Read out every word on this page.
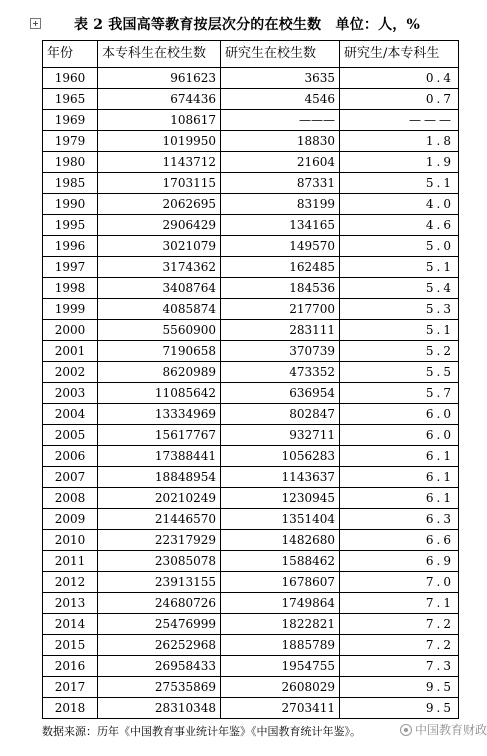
表 2 我国高等教育按层次分的在校生数　单位：人，%
年份	本专科生在校生数	研究生在校生数	研究生/本专科生
1960	961623	3635	0.4
1965	674436	4546	0.7
1969	108617	———	———
1979	1019950	18830	1.8
1980	1143712	21604	1.9
1985	1703115	87331	5.1
1990	2062695	83199	4.0
1995	2906429	134165	4.6
1996	3021079	149570	5.0
1997	3174362	162485	5.1
1998	3408764	184536	5.4
1999	4085874	217700	5.3
2000	5560900	283111	5.1
2001	7190658	370739	5.2
2002	8620989	473352	5.5
2003	11085642	636954	5.7
2004	13334969	802847	6.0
2005	15617767	932711	6.0
2006	17388441	1056283	6.1
2007	18848954	1143637	6.1
2008	20210249	1230945	6.1
2009	21446570	1351404	6.3
2010	22317929	1482680	6.6
2011	23085078	1588462	6.9
2012	23913155	1678607	7.0
2013	24680726	1749864	7.1
2014	25476999	1822821	7.2
2015	26252968	1885789	7.2
2016	26958433	1954755	7.3
2017	27535869	2608029	9.5
2018	28310348	2703411	9.5
数据来源：历年《中国教育事业统计年鉴》《中国教育统计年鉴》。	中国教育财政
